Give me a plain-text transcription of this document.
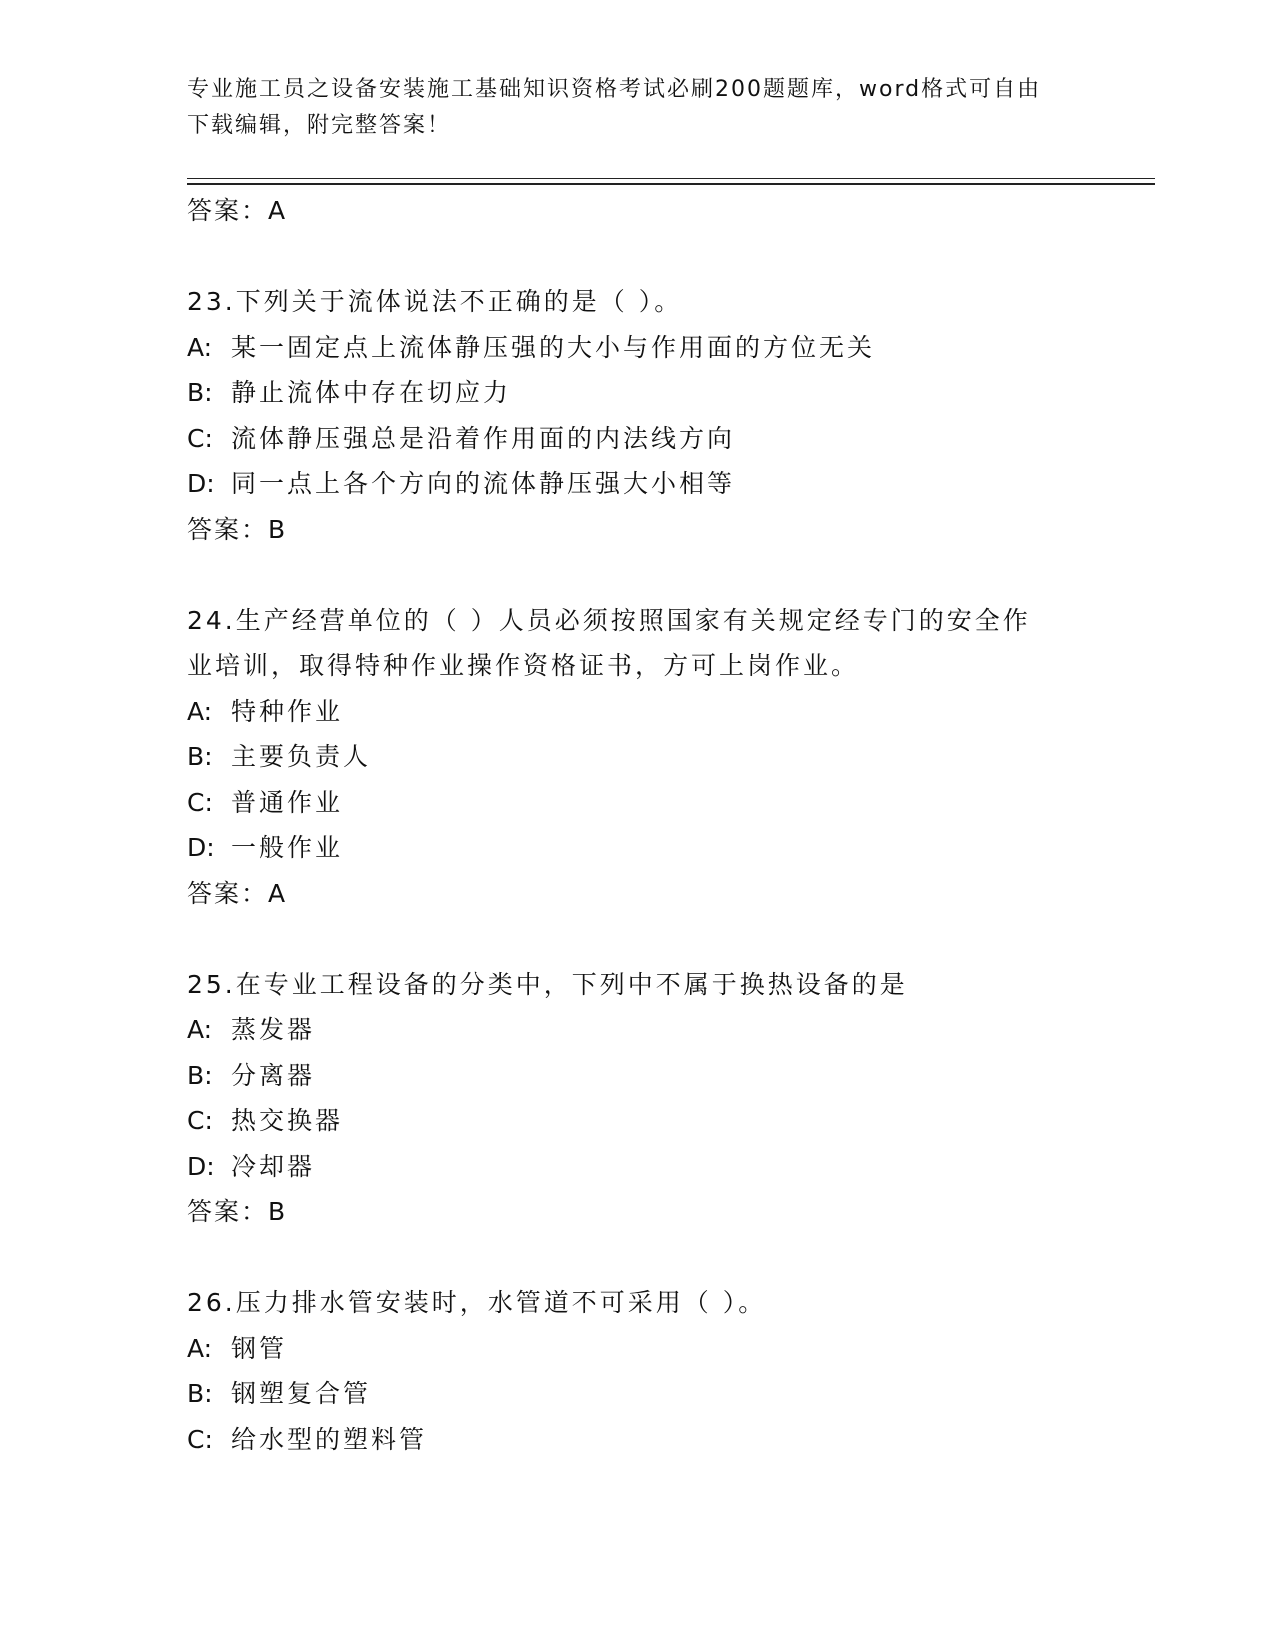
专业施工员之设备安装施工基础知识资格考试必刷200题题库，word格式可自由
下载编辑，附完整答案！
答案：A
23.下列关于流体说法不正确的是（ ）。
A: 某一固定点上流体静压强的大小与作用面的方位无关
B: 静止流体中存在切应力
C: 流体静压强总是沿着作用面的内法线方向
D: 同一点上各个方向的流体静压强大小相等
答案：B
24.生产经营单位的（ ）人员必须按照国家有关规定经专门的安全作
业培训，取得特种作业操作资格证书，方可上岗作业。
A: 特种作业
B: 主要负责人
C: 普通作业
D: 一般作业
答案：A
25.在专业工程设备的分类中，下列中不属于换热设备的是
A: 蒸发器
B: 分离器
C: 热交换器
D: 冷却器
答案：B
26.压力排水管安装时，水管道不可采用（ ）。
A: 钢管
B: 钢塑复合管
C: 给水型的塑料管
